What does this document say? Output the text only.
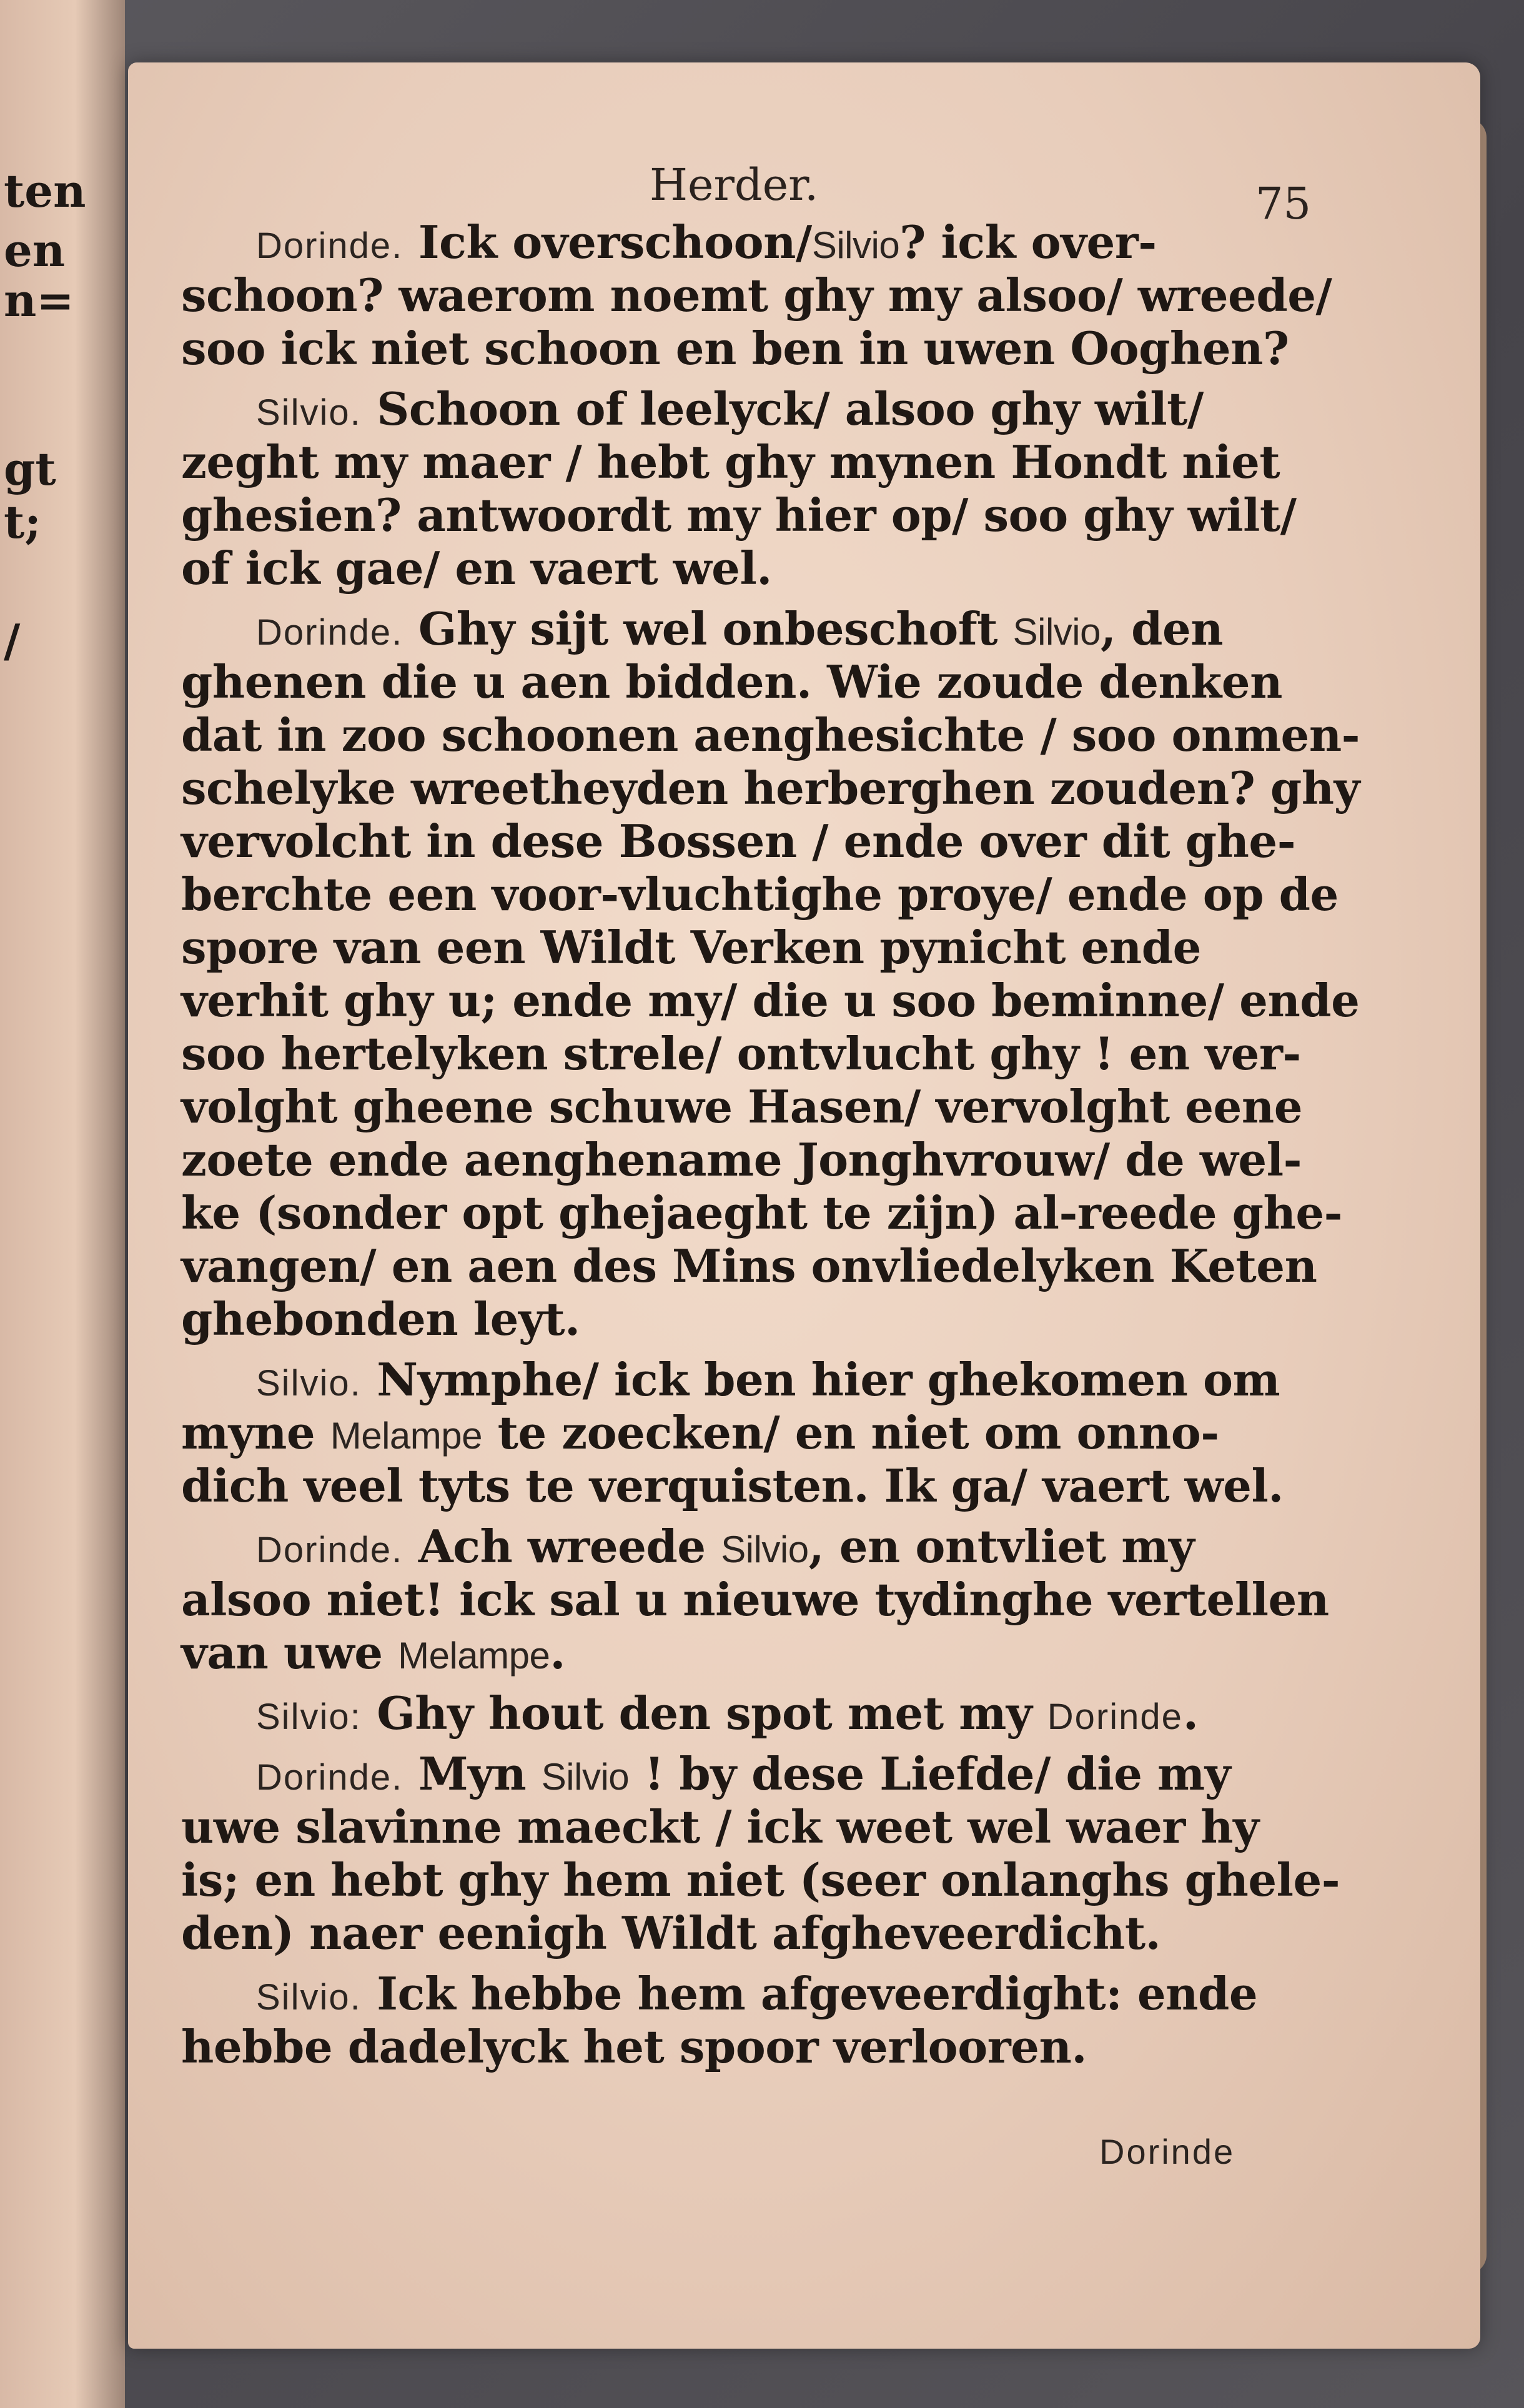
ten
en
n=
gt
t;
/
Herder.	75
Dorinde. Ick overschoon/Silvio? ick over-
schoon? waerom noemt ghy my alsoo/ wreede/
soo ick niet schoon en ben in uwen Ooghen?
Silvio. Schoon of leelyck/ alsoo ghy wilt/
zeght my maer / hebt ghy mynen Hondt niet
ghesien? antwoordt my hier op/ soo ghy wilt/
of ick gae/ en vaert wel.
Dorinde. Ghy sijt wel onbeschoft Silvio, den
ghenen die u aen bidden. Wie zoude denken
dat in zoo schoonen aenghesichte / soo onmen-
schelyke wreetheyden herberghen zouden? ghy
vervolcht in dese Bossen / ende over dit ghe-
berchte een voor-vluchtighe proye/ ende op de
spore van een Wildt Verken pynicht ende
verhit ghy u; ende my/ die u soo beminne/ ende
soo hertelyken strele/ ontvlucht ghy ! en ver-
volght gheene schuwe Hasen/ vervolght eene
zoete ende aenghename Jonghvrouw/ de wel-
ke (sonder opt ghejaeght te zijn) al-reede ghe-
vangen/ en aen des Mins onvliedelyken Keten
ghebonden leyt.
Silvio. Nymphe/ ick ben hier ghekomen om
myne Melampe te zoecken/ en niet om onno-
dich veel tyts te verquisten. Ik ga/ vaert wel.
Dorinde. Ach wreede Silvio, en ontvliet my
alsoo niet! ick sal u nieuwe tydinghe vertellen
van uwe Melampe.
Silvio: Ghy hout den spot met my Dorinde.
Dorinde. Myn Silvio ! by dese Liefde/ die my
uwe slavinne maeckt / ick weet wel waer hy
is; en hebt ghy hem niet (seer onlanghs ghele-
den) naer eenigh Wildt afgheveerdicht.
Silvio. Ick hebbe hem afgeveerdight: ende
hebbe dadelyck het spoor verlooren.
Dorinde
